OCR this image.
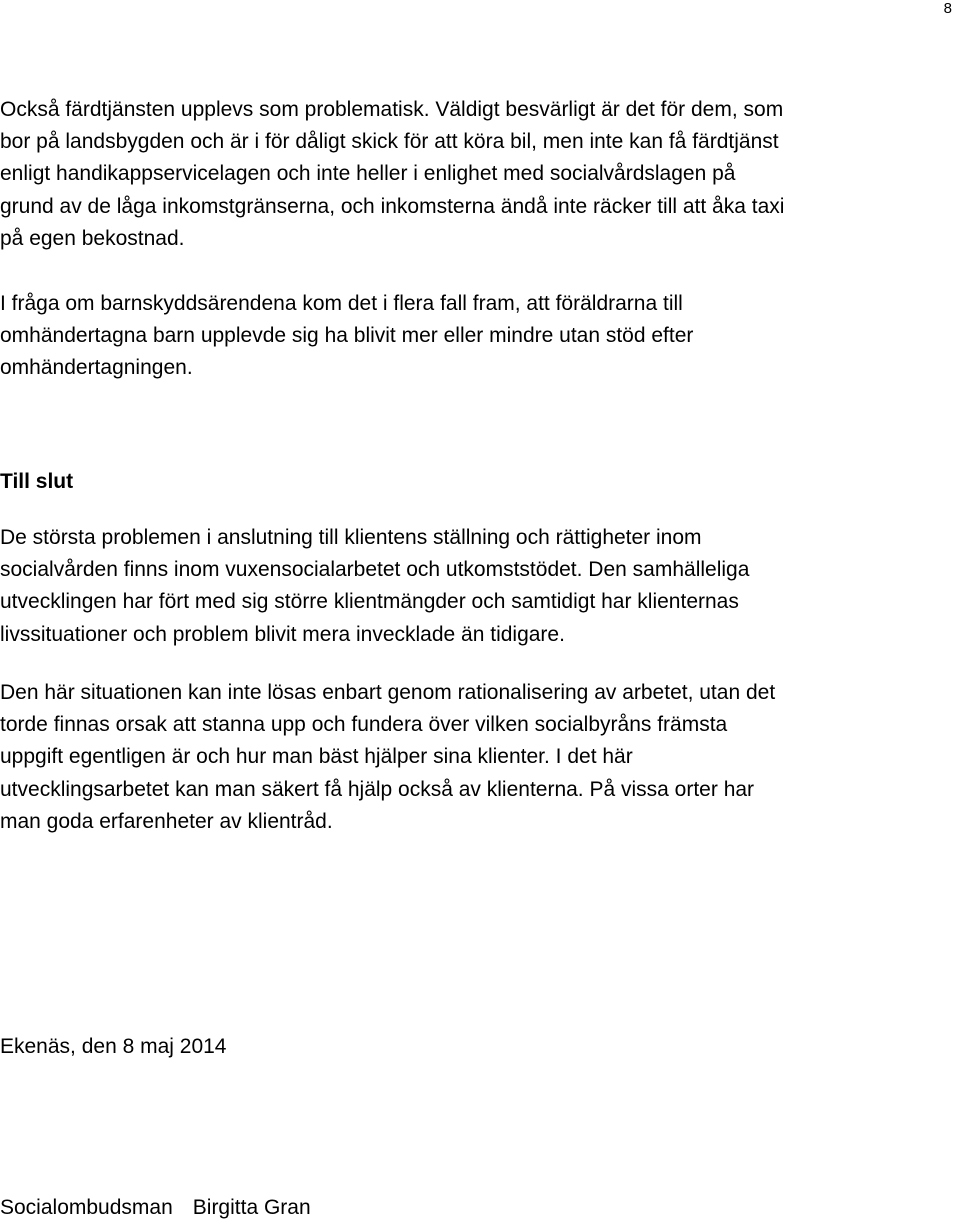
8

Också färdtjänsten upplevs som problematisk. Väldigt besvärligt är det för dem, som
bor på landsbygden och är i för dåligt skick för att köra bil, men inte kan få färdtjänst
enligt handikappservicelagen och inte heller i enlighet med socialvårdslagen på
grund av de låga inkomstgränserna, och inkomsterna ändå inte räcker till att åka taxi
på egen bekostnad.

I fråga om barnskyddsärendena kom det i flera fall fram, att föräldrarna till
omhändertagna barn upplevde sig ha blivit mer eller mindre utan stöd efter
omhändertagningen.

Till slut

De största problemen i anslutning till klientens ställning och rättigheter inom
socialvården finns inom vuxensocialarbetet och utkomststödet. Den samhälleliga
utvecklingen har fört med sig större klientmängder och samtidigt har klienternas
livssituationer och problem blivit mera invecklade än tidigare.

Den här situationen kan inte lösas enbart genom rationalisering av arbetet, utan det
torde finnas orsak att stanna upp och fundera över vilken socialbyråns främsta
uppgift egentligen är och hur man bäst hjälper sina klienter. I det här
utvecklingsarbetet kan man säkert få hjälp också av klienterna. På vissa orter har
man goda erfarenheter av klientråd.

Ekenäs, den 8 maj 2014

Socialombudsman Birgitta Gran
